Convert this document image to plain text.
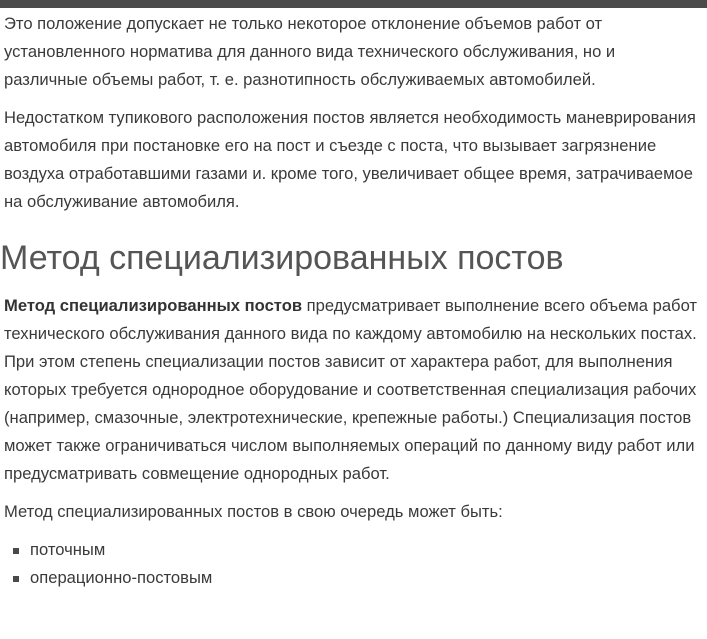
Это положение допускает не только некоторое отклонение объемов работ от установленного норматива для данного вида технического обслуживания, но и различные объемы работ, т. е. разнотипность обслуживаемых автомобилей.

Недостатком тупикового расположения постов является необходимость маневрирования автомобиля при постановке его на пост и съезде с поста, что вызывает загрязнение воздуха отработавшими газами и. кроме того, увеличивает общее время, затрачиваемое на обслуживание автомобиля.

Метод специализированных постов

Метод специализированных постов предусматривает выполнение всего объема работ технического обслуживания данного вида по каждому автомобилю на нескольких постах. При этом степень специализации постов зависит от характера работ, для выполнения которых требуется однородное оборудование и соответственная специализация рабочих (например, смазочные, электротехнические, крепежные работы.) Специализация постов может также ограничиваться числом выполняемых операций по данному виду работ или предусматривать совмещение однородных работ.

Метод специализированных постов в свою очередь может быть:

поточным
операционно-постовым
